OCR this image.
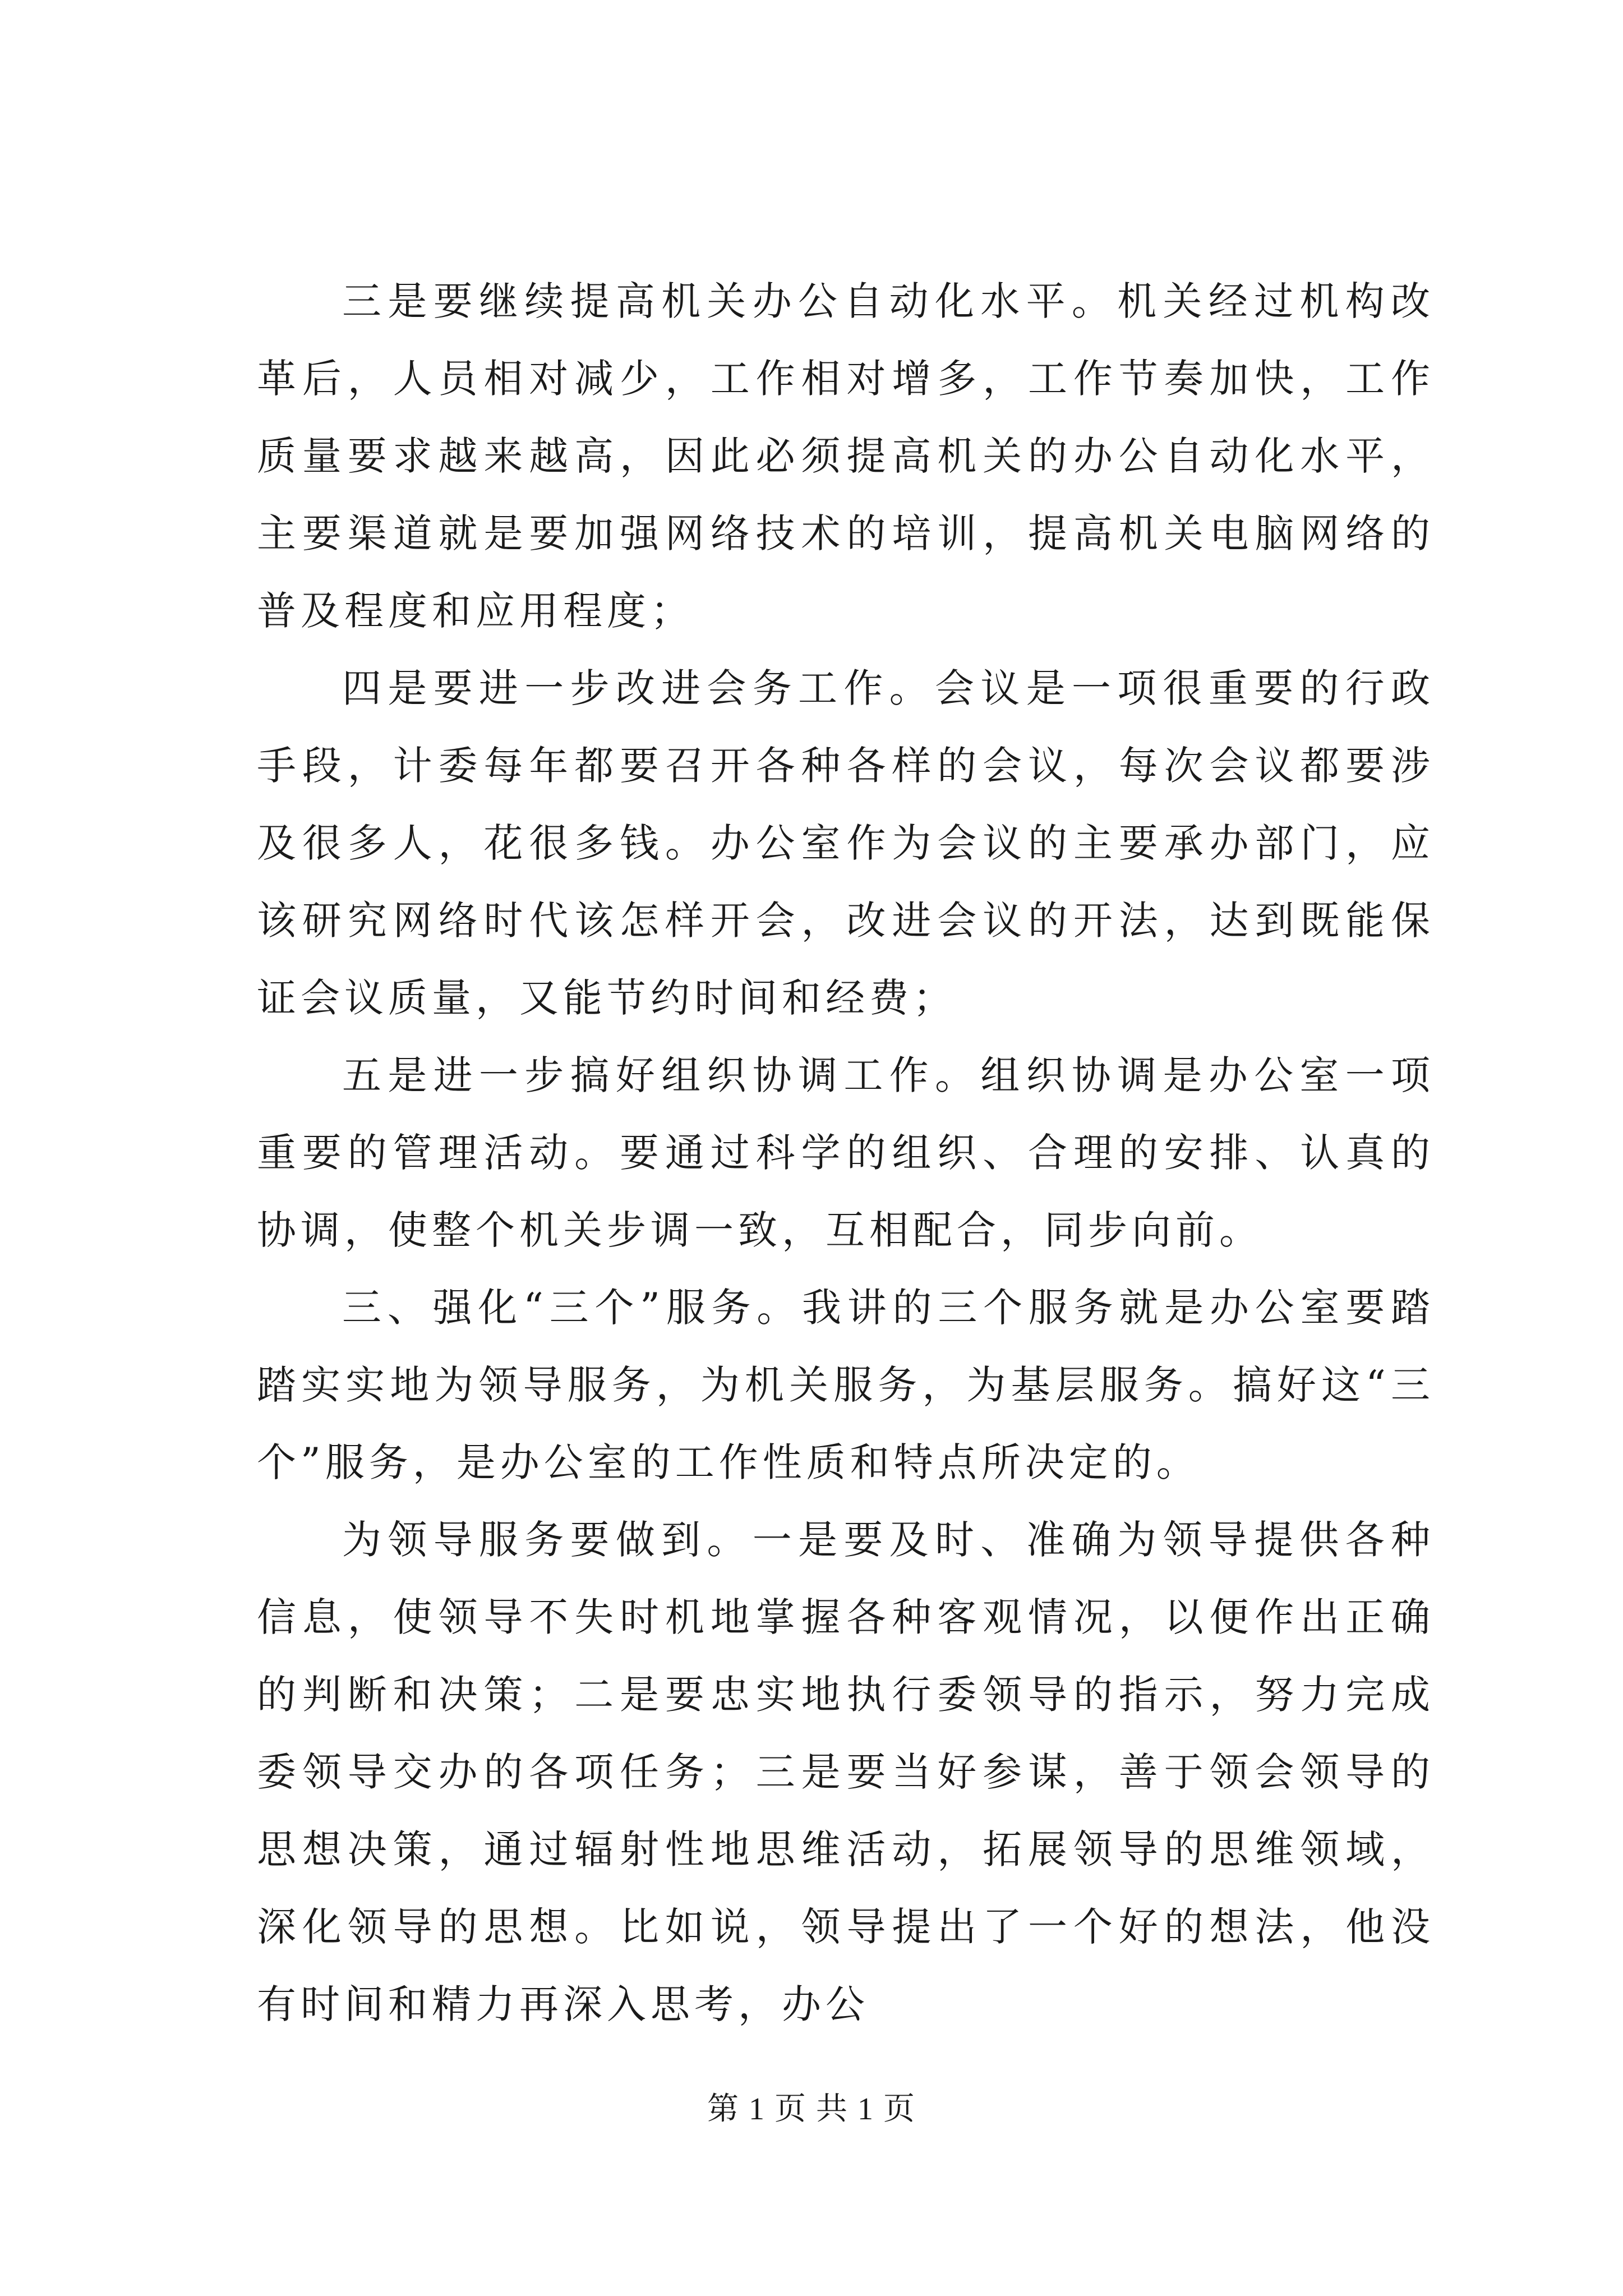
三是要继续提高机关办公自动化水平。机关经过机构改革后，人员相对减少，工作相对增多，工作节奏加快，工作质量要求越来越高，因此必须提高机关的办公自动化水平，主要渠道就是要加强网络技术的培训，提高机关电脑网络的普及程度和应用程度；

四是要进一步改进会务工作。会议是一项很重要的行政手段，计委每年都要召开各种各样的会议，每次会议都要涉及很多人，花很多钱。办公室作为会议的主要承办部门，应该研究网络时代该怎样开会，改进会议的开法，达到既能保证会议质量，又能节约时间和经费；

五是进一步搞好组织协调工作。组织协调是办公室一项重要的管理活动。要通过科学的组织、合理的安排、认真的协调，使整个机关步调一致，互相配合，同步向前。

三、强化“三个”服务。我讲的三个服务就是办公室要踏踏实实地为领导服务，为机关服务，为基层服务。搞好这“三个”服务，是办公室的工作性质和特点所决定的。

为领导服务要做到。一是要及时、准确为领导提供各种信息，使领导不失时机地掌握各种客观情况，以便作出正确的判断和决策；二是要忠实地执行委领导的指示，努力完成委领导交办的各项任务；三是要当好参谋，善于领会领导的思想决策，通过辐射性地思维活动，拓展领导的思维领域，深化领导的思想。比如说，领导提出了一个好的想法，他没有时间和精力再深入思考，办公

第 1 页 共 1 页
